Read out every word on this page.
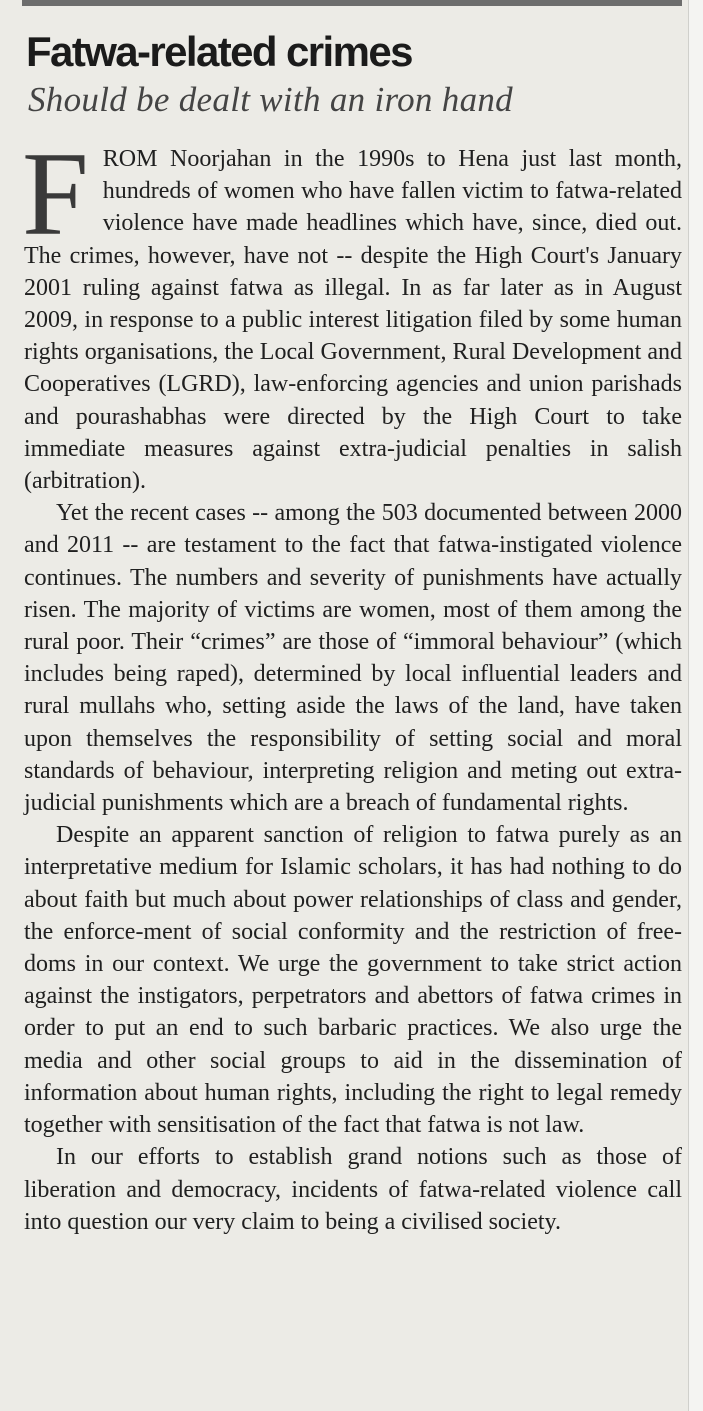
Fatwa-related crimes
Should be dealt with an iron hand

FROM Noorjahan in the 1990s to Hena just last month, hundreds of women who have fallen victim to fatwa-related violence have made headlines which have, since, died out. The crimes, however, have not -- despite the High Court's January 2001 ruling against fatwa as illegal. In as far later as in August 2009, in response to a public interest litigation filed by some human rights organisations, the Local Government, Rural Development and Cooperatives (LGRD), law-enforcing agencies and union parishads and pourashabhas were directed by the High Court to take immediate measures against extra-judicial penalties in salish (arbitration).

Yet the recent cases -- among the 503 documented between 2000 and 2011 -- are testament to the fact that fatwa-instigated violence continues. The numbers and severity of punishments have actually risen. The majority of victims are women, most of them among the rural poor. Their “crimes” are those of “immoral behaviour” (which includes being raped), determined by local influential leaders and rural mullahs who, setting aside the laws of the land, have taken upon themselves the responsibility of setting social and moral standards of behaviour, interpreting religion and meting out extra-judicial punishments which are a breach of fundamental rights.

Despite an apparent sanction of religion to fatwa purely as an interpretative medium for Islamic scholars, it has had nothing to do about faith but much about power relationships of class and gender, the enforce-ment of social conformity and the restriction of free-doms in our context. We urge the government to take strict action against the instigators, perpetrators and abettors of fatwa crimes in order to put an end to such barbaric practices. We also urge the media and other social groups to aid in the dissemination of information about human rights, including the right to legal remedy together with sensitisation of the fact that fatwa is not law.

In our efforts to establish grand notions such as those of liberation and democracy, incidents of fatwa-related violence call into question our very claim to being a civilised society.
